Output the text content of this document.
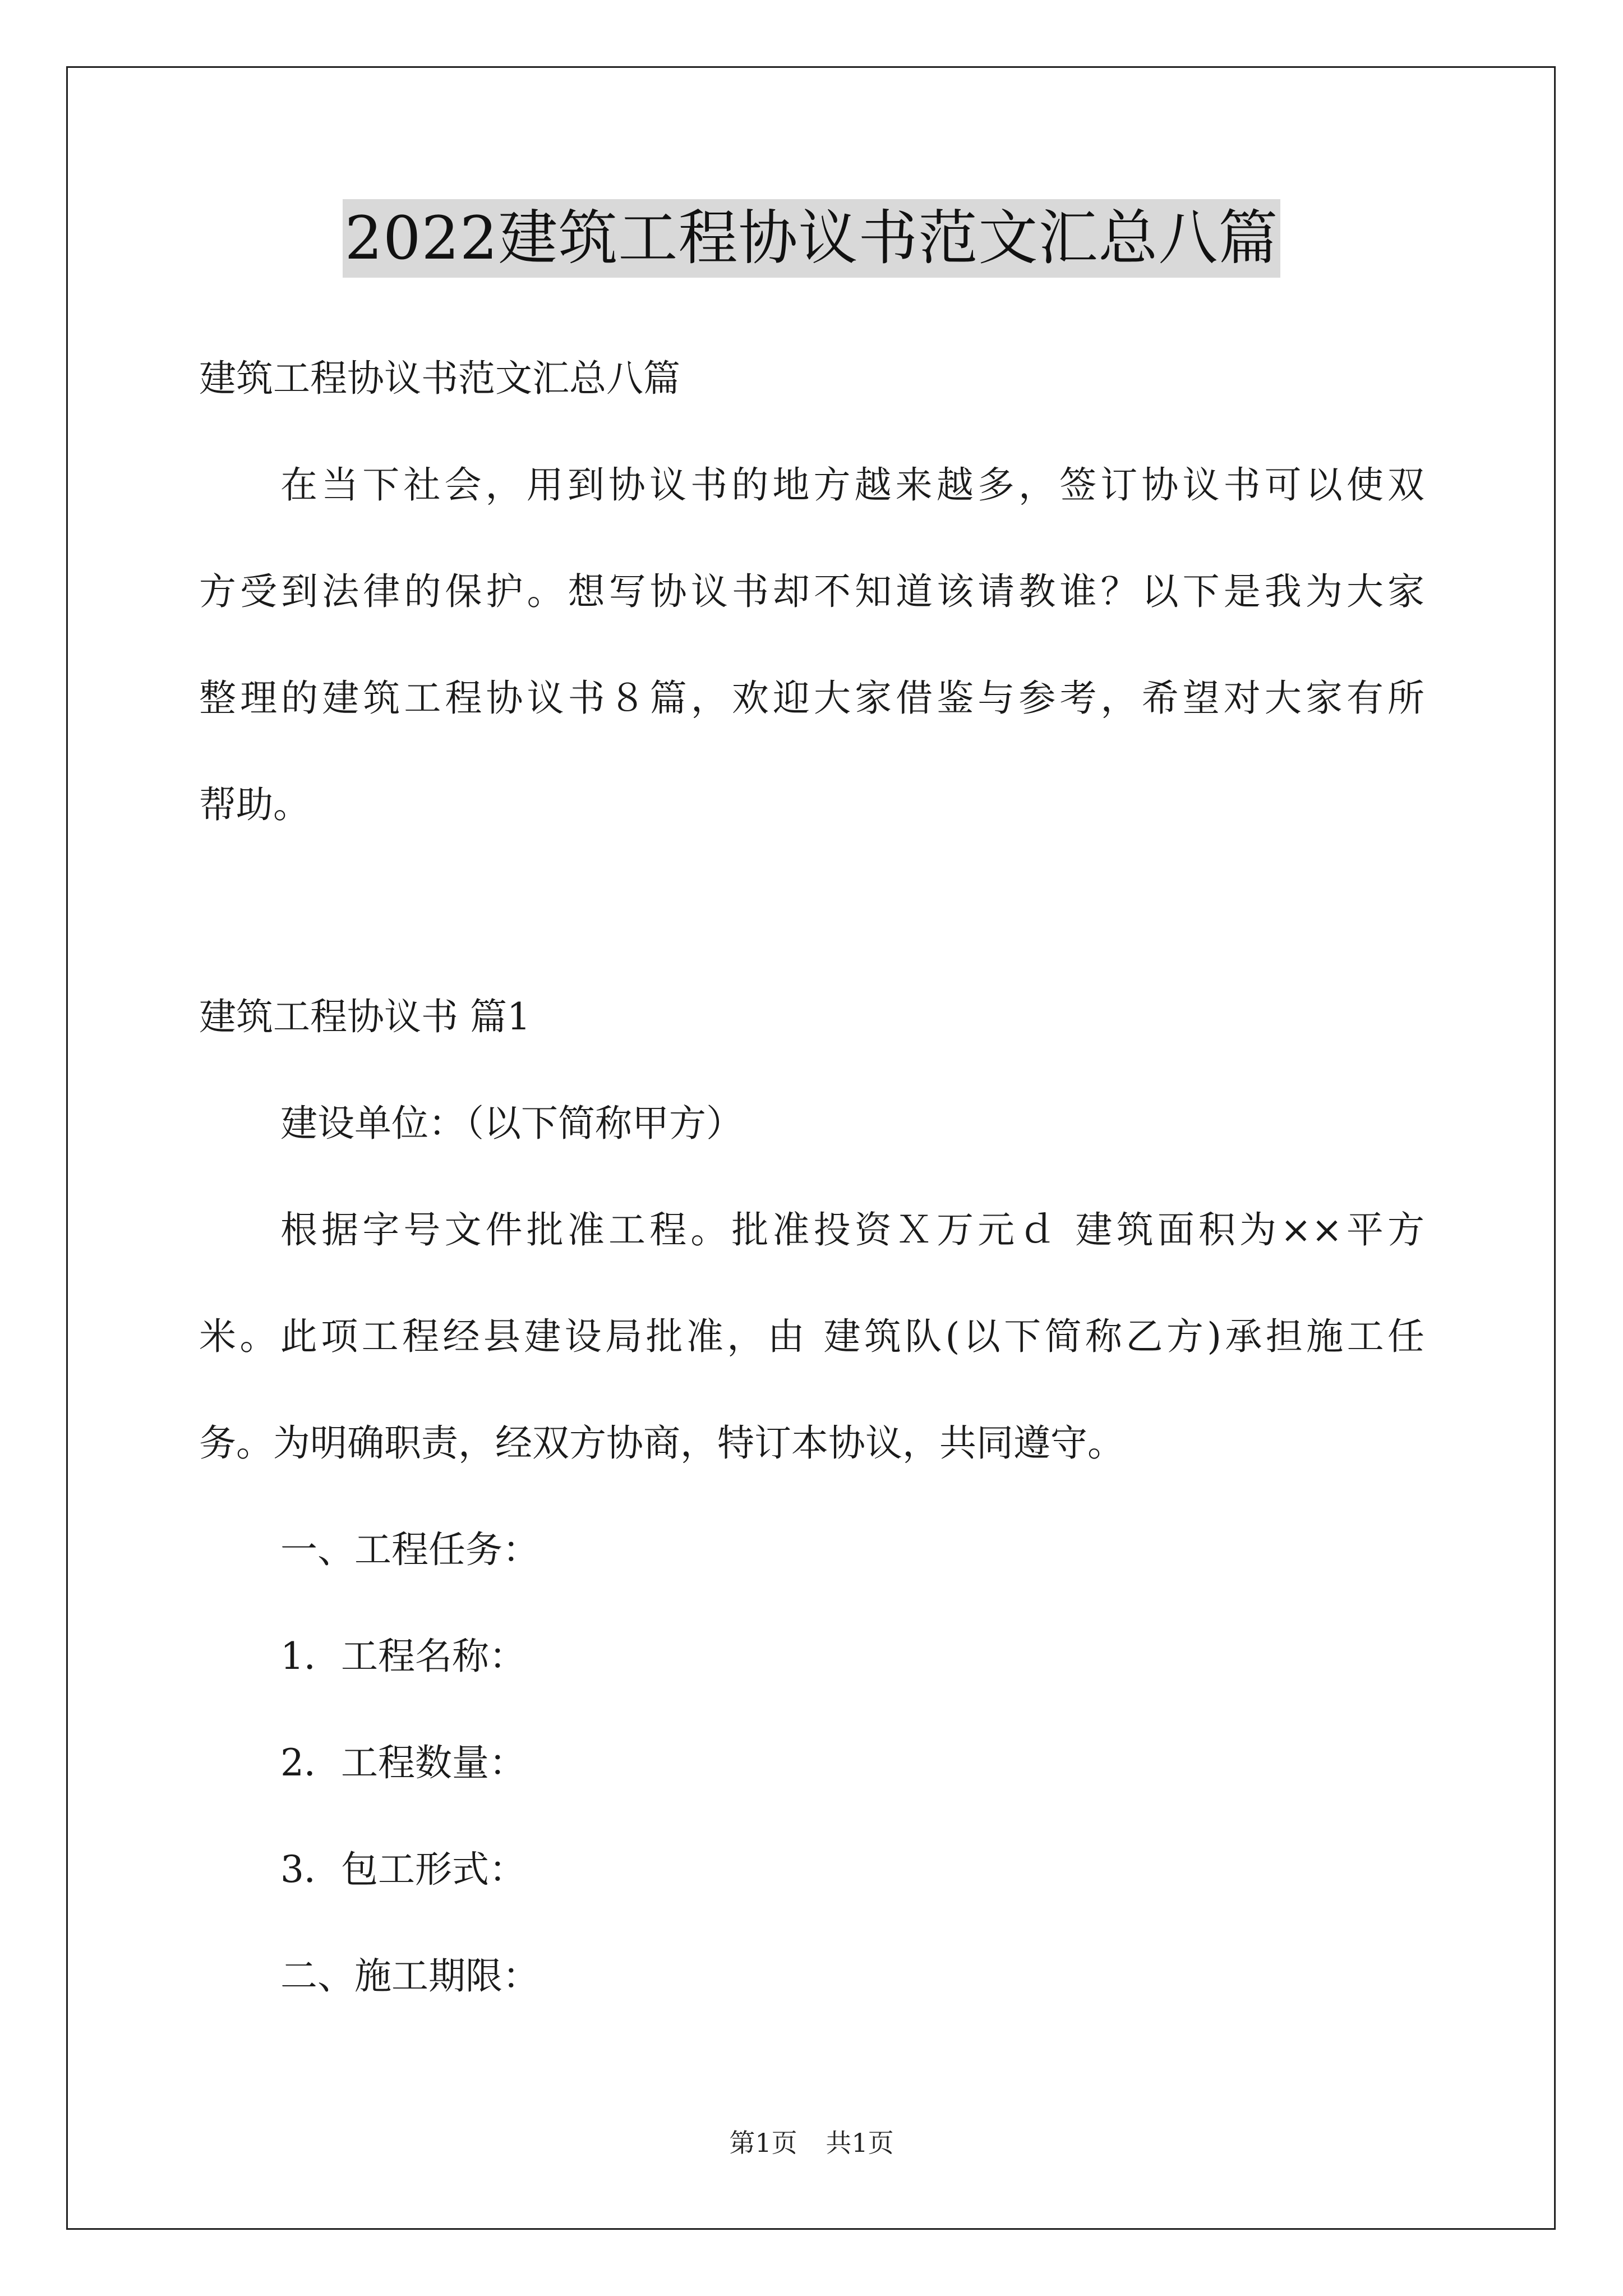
2022建筑工程协议书范文汇总八篇
建筑工程协议书范文汇总八篇
在当下社会，用到协议书的地方越来越多，签订协议书可以使双
方受到法律的保护。想写协议书却不知道该请教谁？以下是我为大家
整理的建筑工程协议书８篇，欢迎大家借鉴与参考，希望对大家有所
帮助。
建筑工程协议书 篇1
建设单位：（以下简称甲方）
根据字号文件批准工程。批准投资Ｘ万元ｄ 建筑面积为××平方
米。此项工程经县建设局批准，由 建筑队(以下简称乙方)承担施工任
务。为明确职责，经双方协商，特订本协议，共同遵守。
一、工程任务：
1．工程名称：
2．工程数量：
3．包工形式：
二、施工期限：
第1页 共1页
